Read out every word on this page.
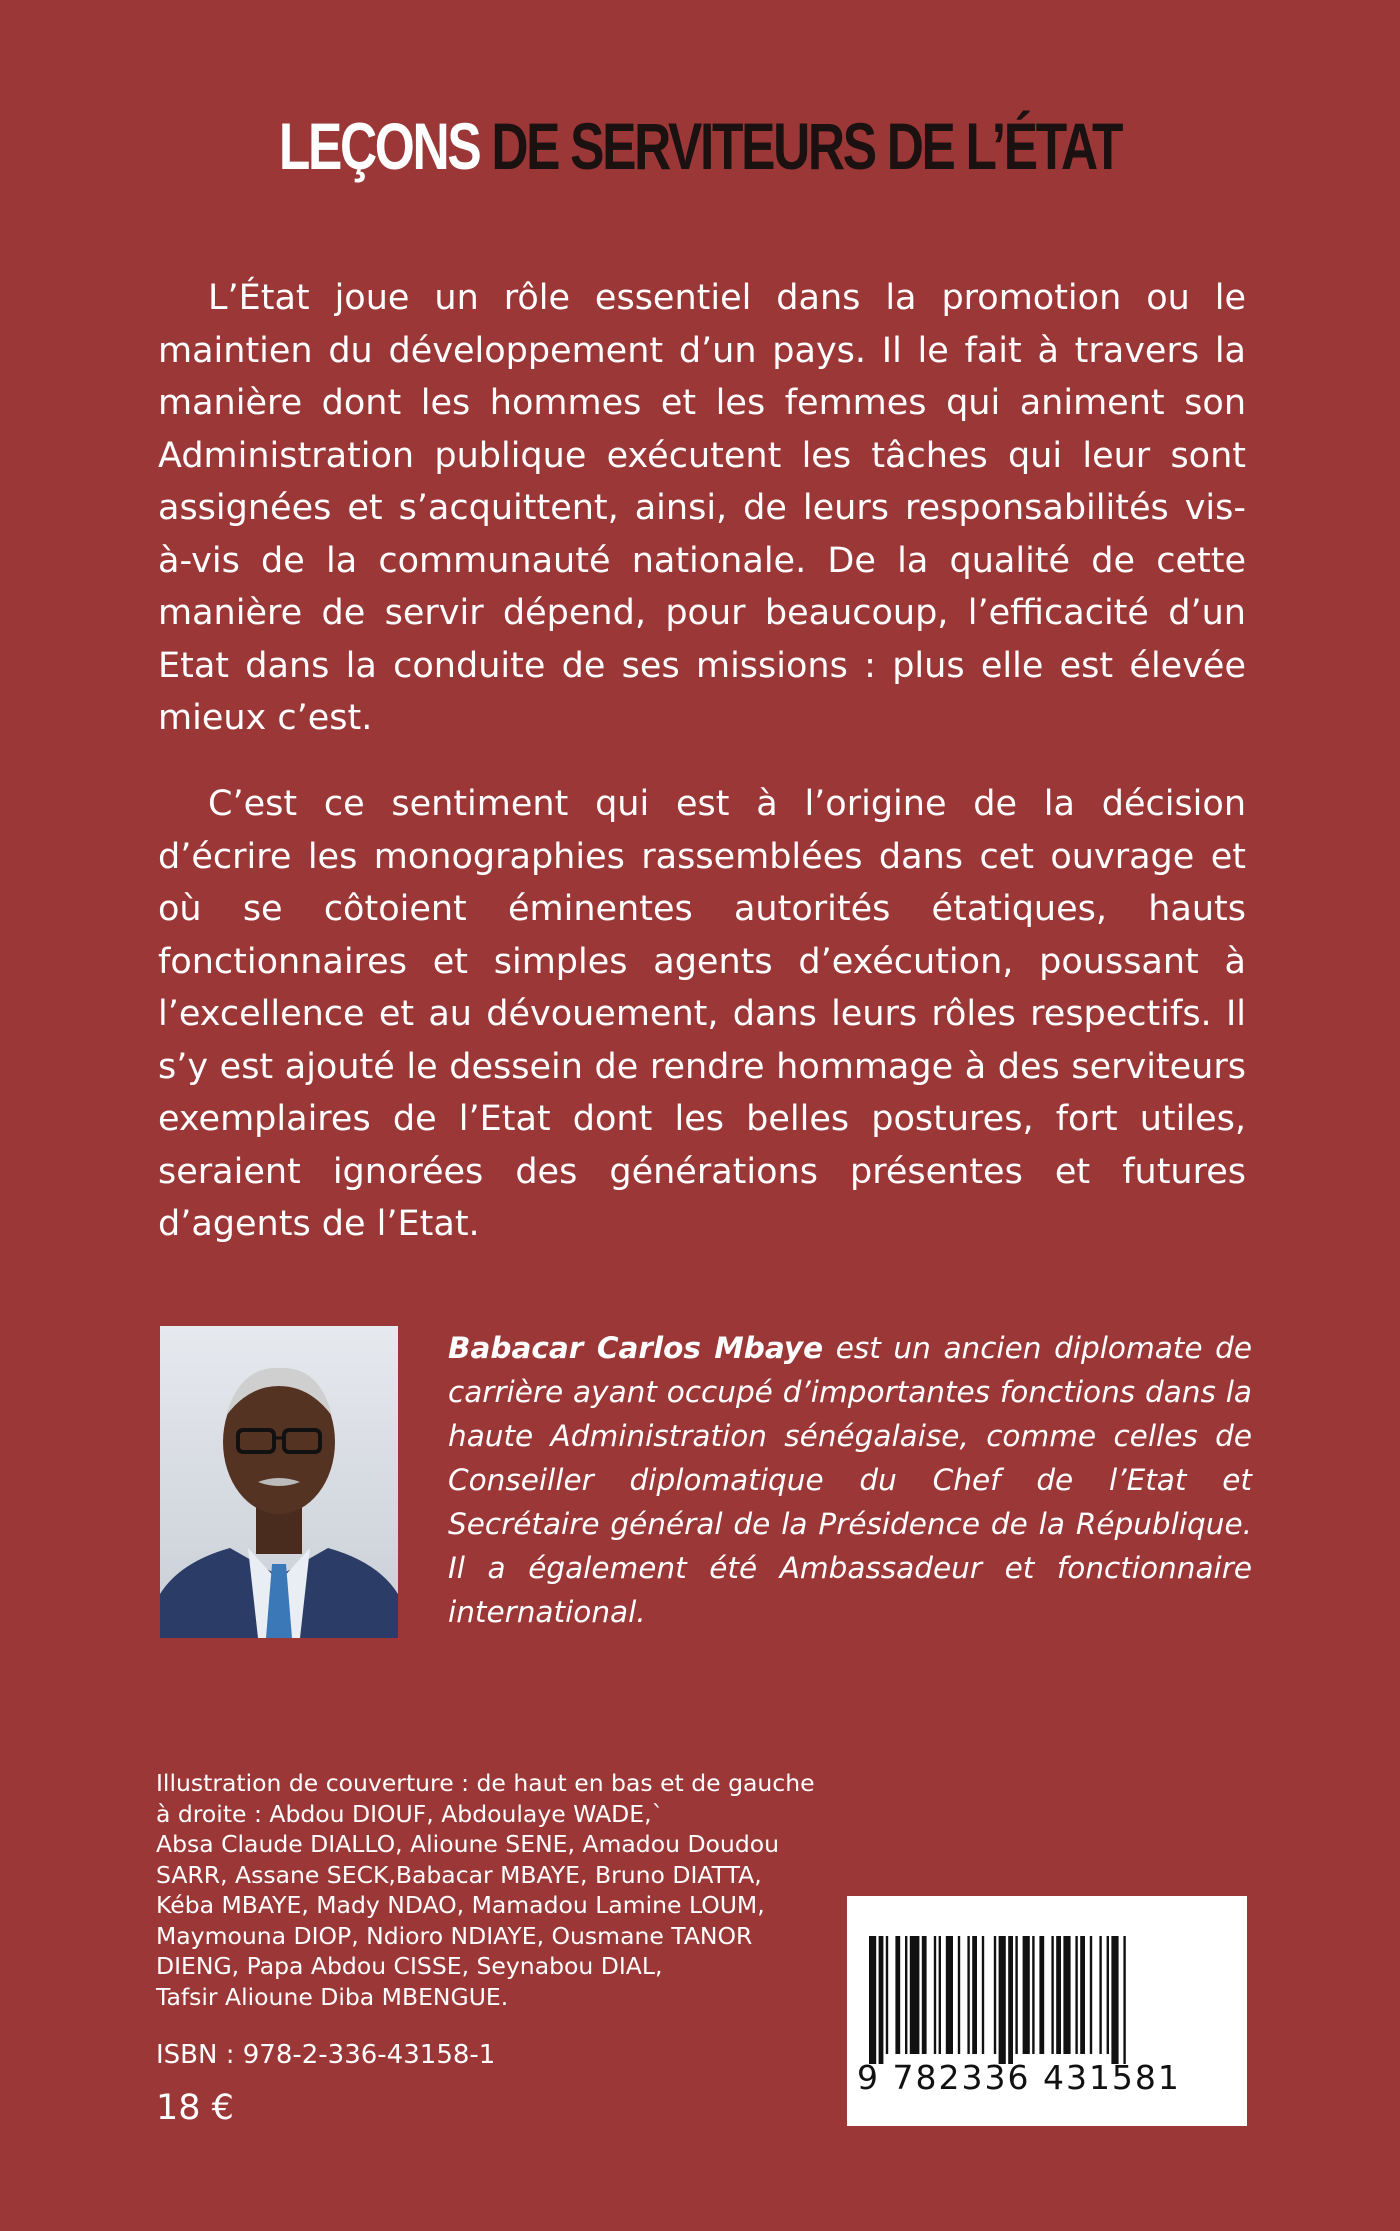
LEÇONS DE SERVITEURS DE L’ÉTAT

L’État joue un rôle essentiel dans la promotion ou le maintien du développement d’un pays. Il le fait à travers la manière dont les hommes et les femmes qui animent son Administration publique exécutent les tâches qui leur sont assignées et s’acquittent, ainsi, de leurs responsabilités vis-à-vis de la communauté nationale. De la qualité de cette manière de servir dépend, pour beaucoup, l’efficacité d’un Etat dans la conduite de ses missions : plus elle est élevée mieux c’est.

C’est ce sentiment qui est à l’origine de la décision d’écrire les monographies rassemblées dans cet ouvrage et où se côtoient éminentes autorités étatiques, hauts fonctionnaires et simples agents d’exécution, poussant à l’excellence et au dévouement, dans leurs rôles respectifs. Il s’y est ajouté le dessein de rendre hommage à des serviteurs exemplaires de l’Etat dont les belles postures, fort utiles, seraient ignorées des générations présentes et futures d’agents de l’Etat.

Babacar Carlos Mbaye est un ancien diplomate de carrière ayant occupé d’importantes fonctions dans la haute Administration sénégalaise, comme celles de Conseiller diplomatique du Chef de l’Etat et Secrétaire général de la Présidence de la République. Il a également été Ambassadeur et fonctionnaire international.

Illustration de couverture : de haut en bas et de gauche
à droite : Abdou DIOUF, Abdoulaye WADE,`
Absa Claude DIALLO, Alioune SENE, Amadou Doudou
SARR, Assane SECK,Babacar MBAYE, Bruno DIATTA,
Kéba MBAYE, Mady NDAO, Mamadou Lamine LOUM,
Maymouna DIOP, Ndioro NDIAYE, Ousmane TANOR
DIENG, Papa Abdou CISSE, Seynabou DIAL,
Tafsir Alioune Diba MBENGUE.

ISBN : 978-2-336-43158-1
18 €
9 782336 431581
